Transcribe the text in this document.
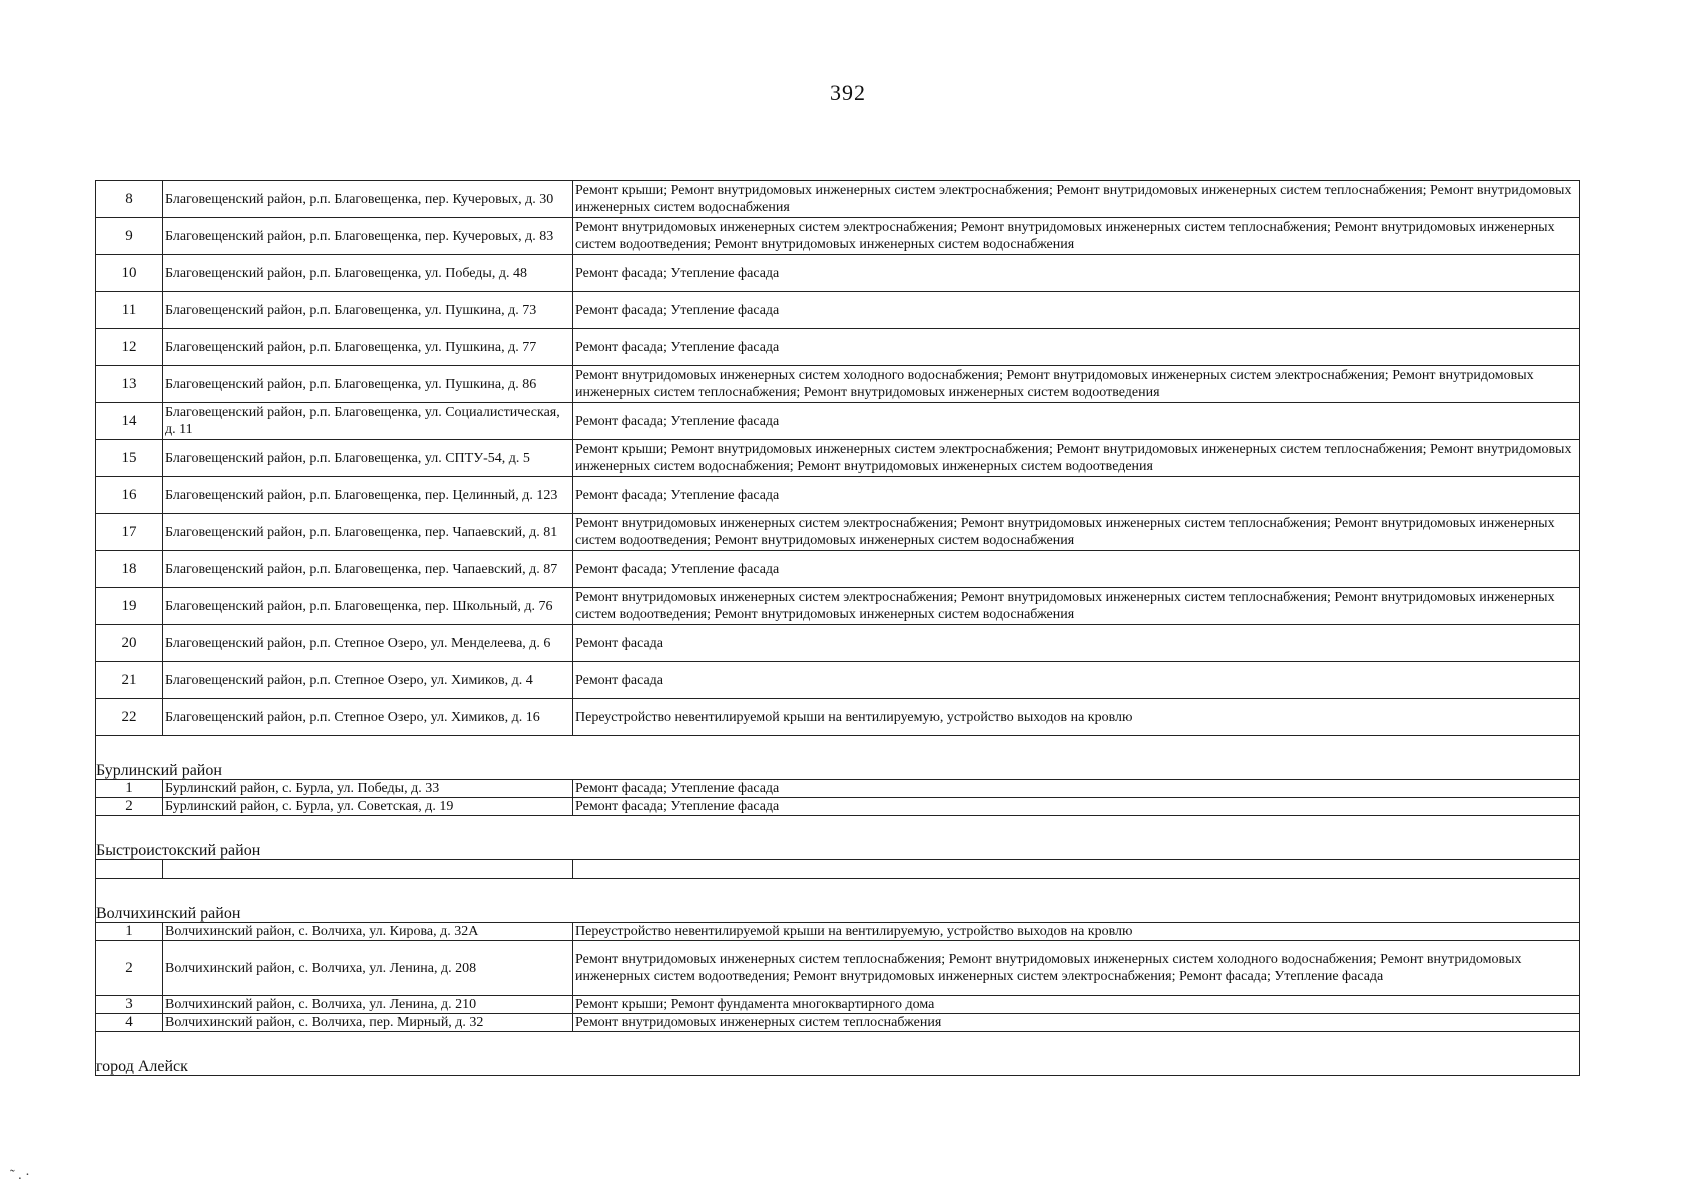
392
8	Благовещенский район, р.п. Благовещенка, пер. Кучеровых, д. 30	Ремонт крыши; Ремонт внутридомовых инженерных систем электроснабжения; Ремонт внутридомовых инженерных систем теплоснабжения; Ремонт внутридомовых инженерных систем водоснабжения
9	Благовещенский район, р.п. Благовещенка, пер. Кучеровых, д. 83	Ремонт внутридомовых инженерных систем электроснабжения; Ремонт внутридомовых инженерных систем теплоснабжения; Ремонт внутридомовых инженерных систем водоотведения; Ремонт внутридомовых инженерных систем водоснабжения
10	Благовещенский район, р.п. Благовещенка, ул. Победы, д. 48	Ремонт фасада; Утепление фасада
11	Благовещенский район, р.п. Благовещенка, ул. Пушкина, д. 73	Ремонт фасада; Утепление фасада
12	Благовещенский район, р.п. Благовещенка, ул. Пушкина, д. 77	Ремонт фасада; Утепление фасада
13	Благовещенский район, р.п. Благовещенка, ул. Пушкина, д. 86	Ремонт внутридомовых инженерных систем холодного водоснабжения; Ремонт внутридомовых инженерных систем электроснабжения; Ремонт внутридомовых инженерных систем теплоснабжения; Ремонт внутридомовых инженерных систем водоотведения
14	Благовещенский район, р.п. Благовещенка, ул. Социалистическая, д. 11	Ремонт фасада; Утепление фасада
15	Благовещенский район, р.п. Благовещенка, ул. СПТУ-54, д. 5	Ремонт крыши; Ремонт внутридомовых инженерных систем электроснабжения; Ремонт внутридомовых инженерных систем теплоснабжения; Ремонт внутридомовых инженерных систем водоснабжения; Ремонт внутридомовых инженерных систем водоотведения
16	Благовещенский район, р.п. Благовещенка, пер. Целинный, д. 123	Ремонт фасада; Утепление фасада
17	Благовещенский район, р.п. Благовещенка, пер. Чапаевский, д. 81	Ремонт внутридомовых инженерных систем электроснабжения; Ремонт внутридомовых инженерных систем теплоснабжения; Ремонт внутридомовых инженерных систем водоотведения; Ремонт внутридомовых инженерных систем водоснабжения
18	Благовещенский район, р.п. Благовещенка, пер. Чапаевский, д. 87	Ремонт фасада; Утепление фасада
19	Благовещенский район, р.п. Благовещенка, пер. Школьный, д. 76	Ремонт внутридомовых инженерных систем электроснабжения; Ремонт внутридомовых инженерных систем теплоснабжения; Ремонт внутридомовых инженерных систем водоотведения; Ремонт внутридомовых инженерных систем водоснабжения
20	Благовещенский район, р.п. Степное Озеро, ул. Менделеева, д. 6	Ремонт фасада
21	Благовещенский район, р.п. Степное Озеро, ул. Химиков, д. 4	Ремонт фасада
22	Благовещенский район, р.п. Степное Озеро, ул. Химиков, д. 16	Переустройство невентилируемой крыши на вентилируемую, устройство выходов на кровлю
Бурлинский район		
1	Бурлинский район, с. Бурла, ул. Победы, д. 33	Ремонт фасада; Утепление фасада
2	Бурлинский район, с. Бурла, ул. Советская, д. 19	Ремонт фасада; Утепление фасада
Быстроистокский район		

Волчихинский район		
1	Волчихинский район, с. Волчиха, ул. Кирова, д. 32А	Переустройство невентилируемой крыши на вентилируемую, устройство выходов на кровлю
2	Волчихинский район, с. Волчиха, ул. Ленина, д. 208	Ремонт внутридомовых инженерных систем теплоснабжения; Ремонт внутридомовых инженерных систем холодного водоснабжения; Ремонт внутридомовых инженерных систем водоотведения; Ремонт внутридомовых инженерных систем электроснабжения; Ремонт фасада; Утепление фасада
3	Волчихинский район, с. Волчиха, ул. Ленина, д. 210	Ремонт крыши; Ремонт фундамента многоквартирного дома
4	Волчихинский район, с. Волчиха, пер. Мирный, д. 32	Ремонт внутридомовых инженерных систем теплоснабжения
город Алейск		
˜ . ·
